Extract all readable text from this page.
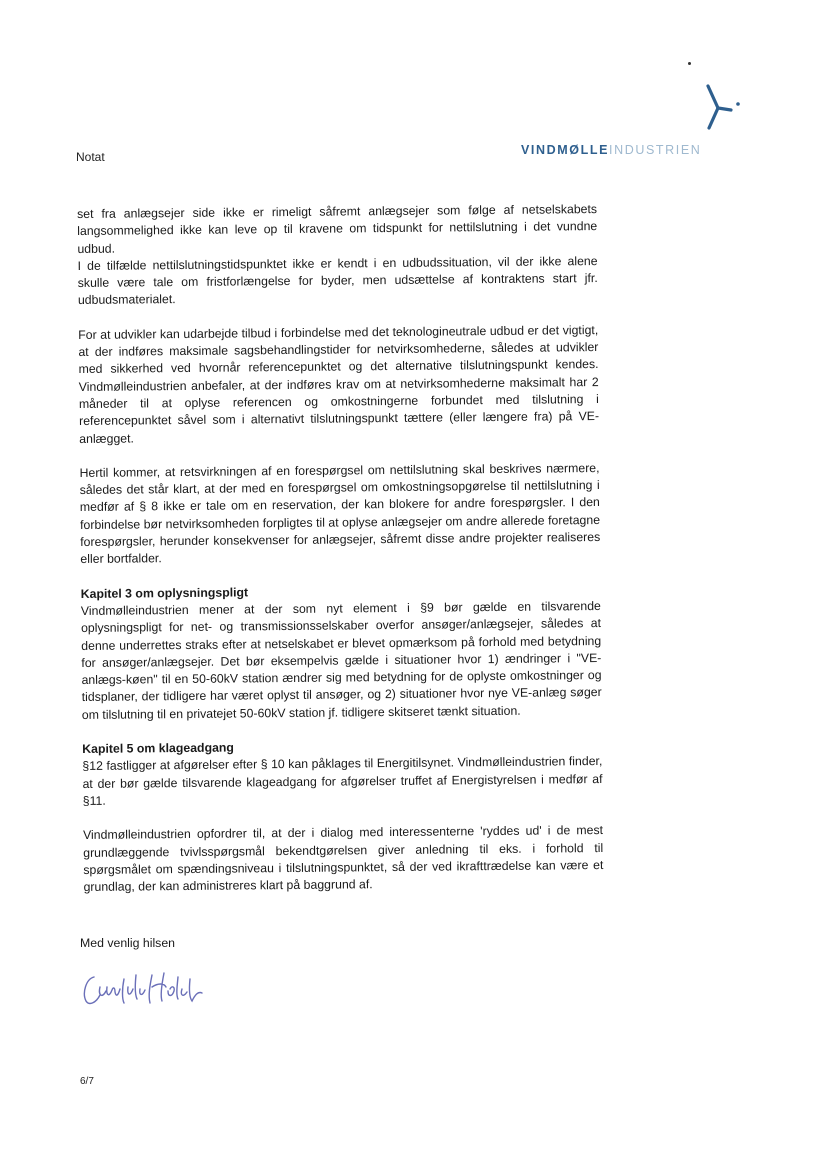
Notat	VINDMØLLEINDUSTRIEN

set fra anlægsejer side ikke er rimeligt såfremt anlægsejer som følge af netselskabets langsommelighed ikke kan leve op til kravene om tidspunkt for nettilslutning i det vundne udbud.

I de tilfælde nettilslutningstidspunktet ikke er kendt i en udbudssituation, vil der ikke alene skulle være tale om fristforlængelse for byder, men udsættelse af kontraktens start jfr. udbudsmaterialet.

For at udvikler kan udarbejde tilbud i forbindelse med det teknologineutrale udbud er det vigtigt, at der indføres maksimale sagsbehandlingstider for netvirksomhederne, således at udvikler med sikkerhed ved hvornår referencepunktet og det alternative tilslutningspunkt kendes. Vindmølleindustrien anbefaler, at der indføres krav om at netvirksomhederne maksimalt har 2 måneder til at oplyse referencen og omkostningerne forbundet med tilslutning i referencepunktet såvel som i alternativt tilslutningspunkt tættere (eller længere fra) på VE-anlægget.

Hertil kommer, at retsvirkningen af en forespørgsel om nettilslutning skal beskrives nærmere, således det står klart, at der med en forespørgsel om omkostningsopgørelse til nettilslutning i medfør af § 8 ikke er tale om en reservation, der kan blokere for andre forespørgsler. I den forbindelse bør netvirksomheden forpligtes til at oplyse anlægsejer om andre allerede foretagne forespørgsler, herunder konsekvenser for anlægsejer, såfremt disse andre projekter realiseres eller bortfalder.

Kapitel 3 om oplysningspligt

Vindmølleindustrien mener at der som nyt element i §9 bør gælde en tilsvarende oplysningspligt for net- og transmissionsselskaber overfor ansøger/anlægsejer, således at denne underrettes straks efter at netselskabet er blevet opmærksom på forhold med betydning for ansøger/anlægsejer. Det bør eksempelvis gælde i situationer hvor 1) ændringer i "VE-anlægs-køen" til en 50-60kV station ændrer sig med betydning for de oplyste omkostninger og tidsplaner, der tidligere har været oplyst til ansøger, og 2) situationer hvor nye VE-anlæg søger om tilslutning til en privatejet 50-60kV station jf. tidligere skitseret tænkt situation.

Kapitel 5 om klageadgang

§12 fastligger at afgørelser efter § 10 kan påklages til Energitilsynet. Vindmølleindustrien finder, at der bør gælde tilsvarende klageadgang for afgørelser truffet af Energistyrelsen i medfør af §11.

Vindmølleindustrien opfordrer til, at der i dialog med interessenterne 'ryddes ud' i de mest grundlæggende tvivlsspørgsmål bekendtgørelsen giver anledning til eks. i forhold til spørgsmålet om spændingsniveau i tilslutningspunktet, så der ved ikrafttrædelse kan være et grundlag, der kan administreres klart på baggrund af.

Med venlig hilsen
6/7
